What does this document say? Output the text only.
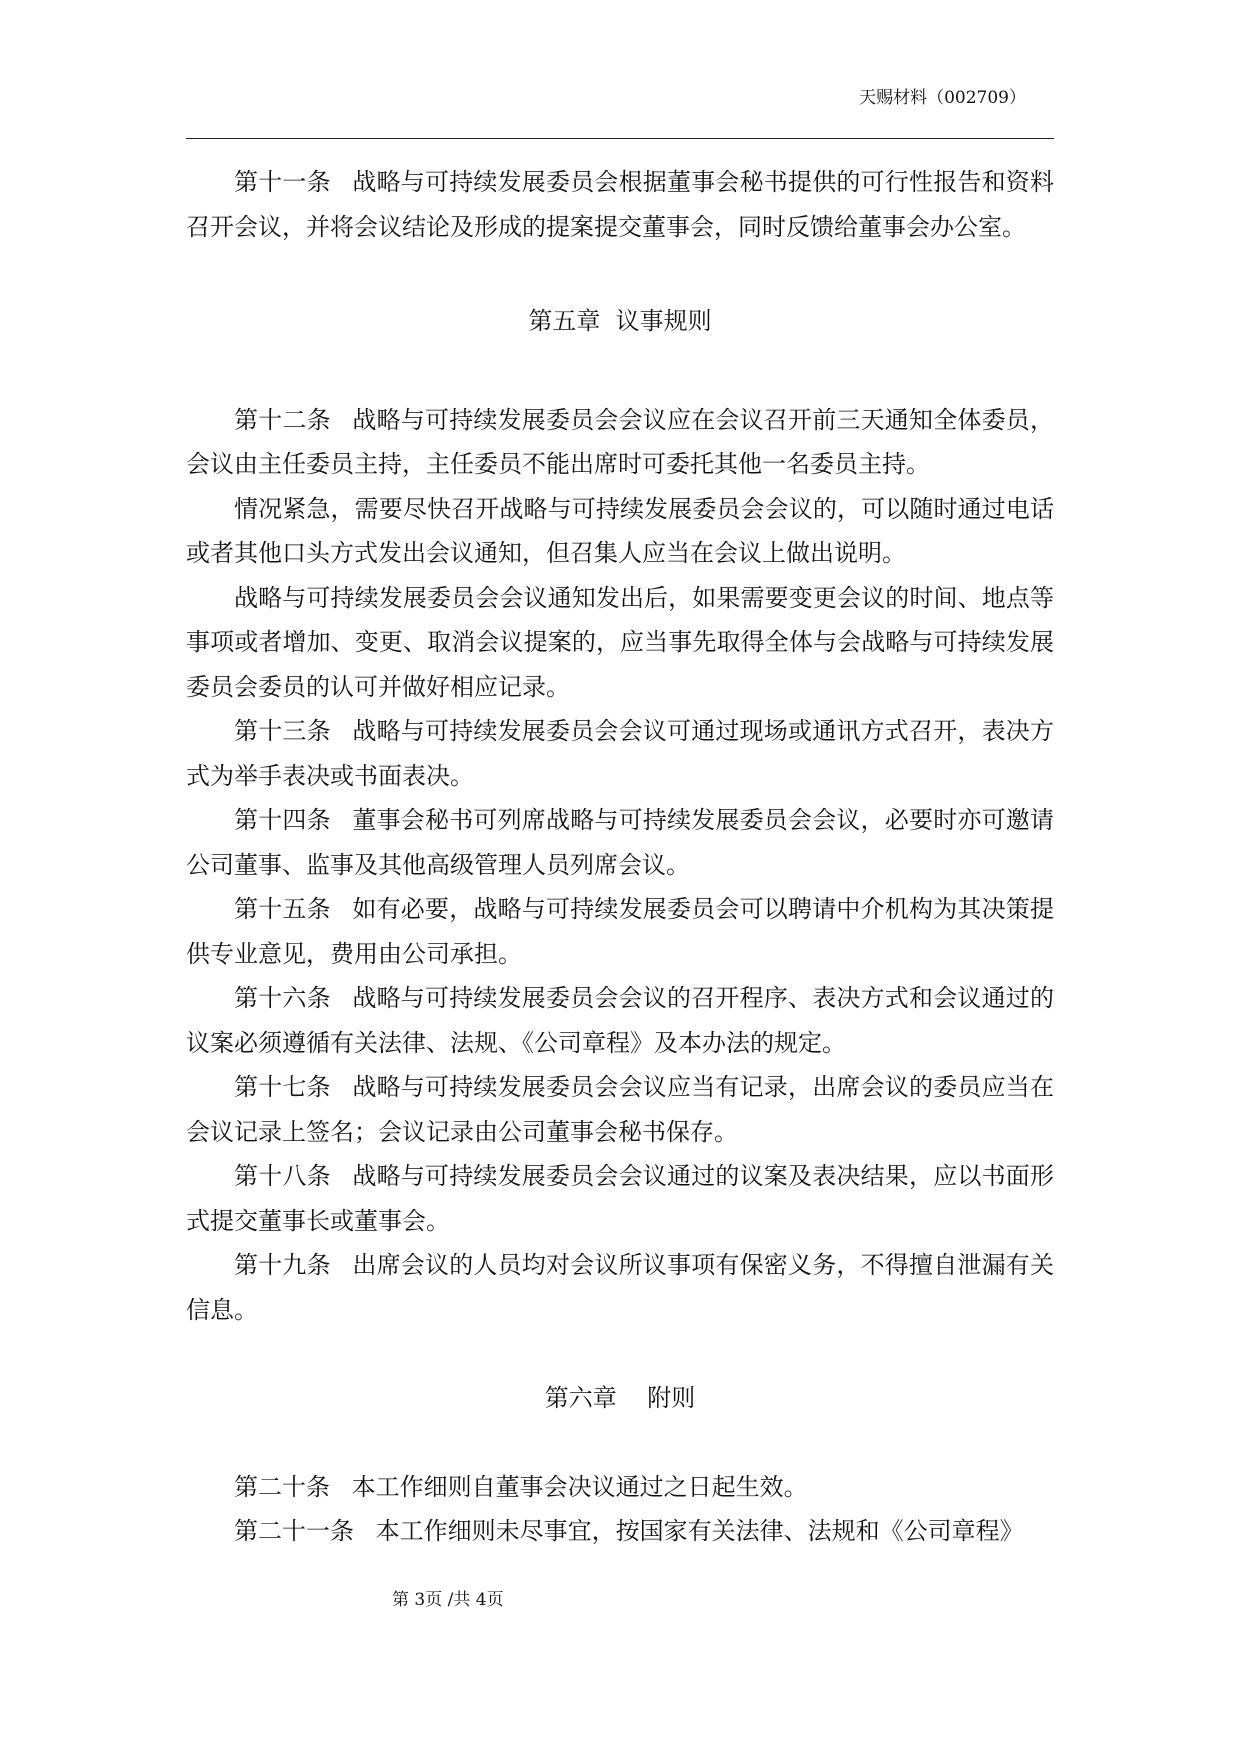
天赐材料（002709）

第十一条 战略与可持续发展委员会根据董事会秘书提供的可行性报告和资料召开会议，并将会议结论及形成的提案提交董事会，同时反馈给董事会办公室。

第五章  议事规则

第十二条 战略与可持续发展委员会会议应在会议召开前三天通知全体委员，会议由主任委员主持，主任委员不能出席时可委托其他一名委员主持。

情况紧急，需要尽快召开战略与可持续发展委员会会议的，可以随时通过电话或者其他口头方式发出会议通知，但召集人应当在会议上做出说明。

战略与可持续发展委员会会议通知发出后，如果需要变更会议的时间、地点等事项或者增加、变更、取消会议提案的，应当事先取得全体与会战略与可持续发展委员会委员的认可并做好相应记录。

第十三条 战略与可持续发展委员会会议可通过现场或通讯方式召开，表决方式为举手表决或书面表决。

第十四条 董事会秘书可列席战略与可持续发展委员会会议，必要时亦可邀请公司董事、监事及其他高级管理人员列席会议。

第十五条 如有必要，战略与可持续发展委员会可以聘请中介机构为其决策提供专业意见，费用由公司承担。

第十六条 战略与可持续发展委员会会议的召开程序、表决方式和会议通过的议案必须遵循有关法律、法规、《公司章程》及本办法的规定。

第十七条 战略与可持续发展委员会会议应当有记录，出席会议的委员应当在会议记录上签名；会议记录由公司董事会秘书保存。

第十八条 战略与可持续发展委员会会议通过的议案及表决结果，应以书面形式提交董事长或董事会。

第十九条 出席会议的人员均对会议所议事项有保密义务，不得擅自泄漏有关信息。

第六章    附则

第二十条 本工作细则自董事会决议通过之日起生效。

第二十一条 本工作细则未尽事宜，按国家有关法律、法规和《公司章程》

第 3页 /共 4页
